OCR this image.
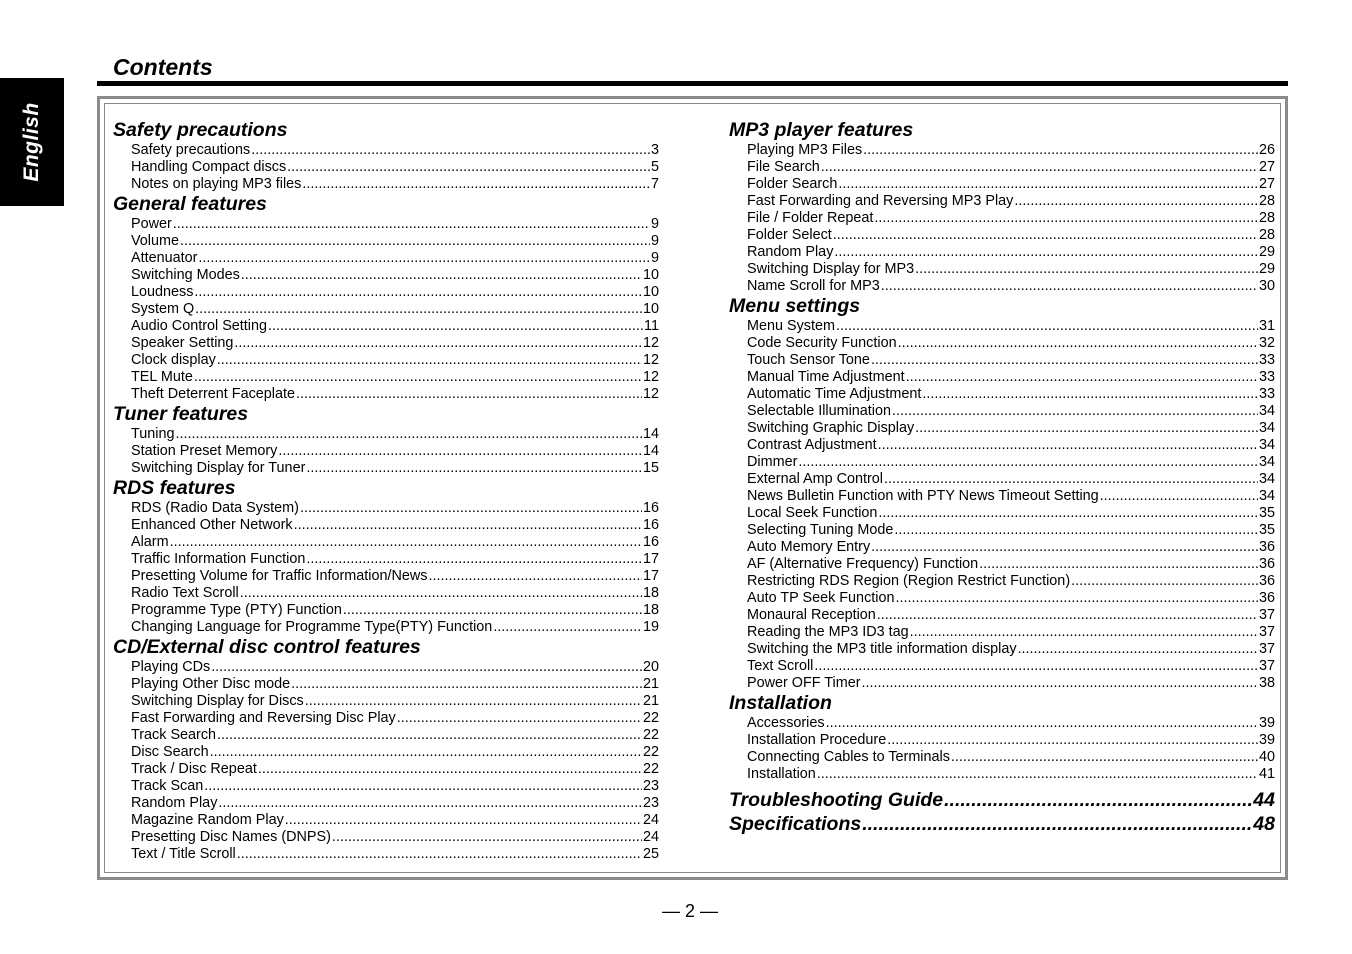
English
Contents
Safety precautions
Safety precautions .....	3
Handling Compact discs .....	5
Notes on playing MP3 files .....	7
General features
Power .....	9
Volume .....	9
Attenuator .....	9
Switching Modes .....	10
Loudness .....	10
System Q .....	10
Audio Control Setting .....	11
Speaker Setting .....	12
Clock display .....	12
TEL Mute .....	12
Theft Deterrent Faceplate .....	12
Tuner features
Tuning .....	14
Station Preset Memory .....	14
Switching Display for Tuner .....	15
RDS features
RDS (Radio Data System) .....	16
Enhanced Other Network .....	16
Alarm .....	16
Traffic Information Function .....	17
Presetting Volume for Traffic Information/News .....	17
Radio Text Scroll .....	18
Programme Type (PTY) Function .....	18
Changing Language for Programme Type(PTY) Function .....	19
CD/External disc control features
Playing CDs .....	20
Playing Other Disc mode .....	21
Switching Display for Discs .....	21
Fast Forwarding and Reversing Disc Play .....	22
Track Search .....	22
Disc Search .....	22
Track / Disc Repeat .....	22
Track Scan .....	23
Random Play .....	23
Magazine Random Play .....	24
Presetting Disc Names (DNPS) .....	24
Text / Title Scroll .....	25
MP3 player features
Playing MP3 Files .....	26
File Search .....	27
Folder Search .....	27
Fast Forwarding and Reversing MP3 Play .....	28
File / Folder Repeat .....	28
Folder Select .....	28
Random Play .....	29
Switching Display for MP3 .....	29
Name Scroll for MP3 .....	30
Menu settings
Menu System .....	31
Code Security Function .....	32
Touch Sensor Tone .....	33
Manual Time Adjustment .....	33
Automatic Time Adjustment .....	33
Selectable Illumination .....	34
Switching Graphic Display .....	34
Contrast Adjustment .....	34
Dimmer .....	34
External Amp Control .....	34
News Bulletin Function with PTY News Timeout Setting .....	34
Local Seek Function .....	35
Selecting Tuning Mode .....	35
Auto Memory Entry .....	36
AF (Alternative Frequency) Function .....	36
Restricting RDS Region (Region Restrict Function) .....	36
Auto TP Seek Function .....	36
Monaural Reception .....	37
Reading the MP3 ID3 tag .....	37
Switching the MP3 title information display .....	37
Text Scroll .....	37
Power OFF Timer .....	38
Installation
Accessories .....	39
Installation Procedure .....	39
Connecting Cables to Terminals .....	40
Installation .....	41
Troubleshooting Guide .....	44
Specifications .....	48
— 2 —
